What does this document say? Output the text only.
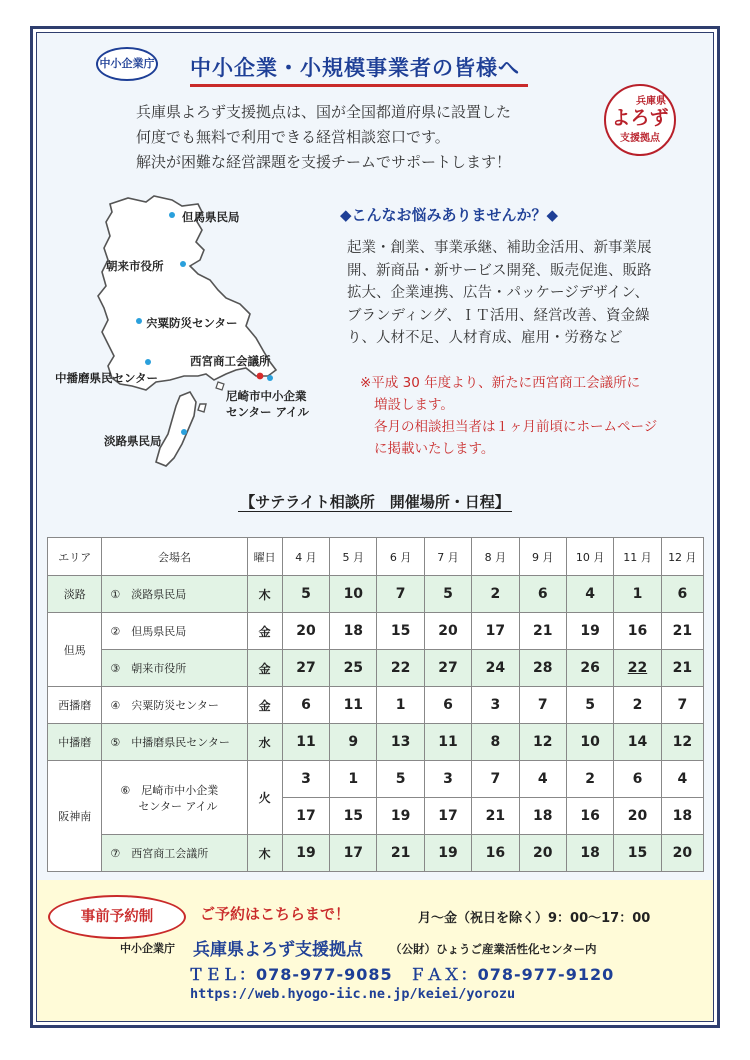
中小企業庁 中小企業・小規模事業者の皆様へ
兵庫県よろず支援拠点は、国が全国都道府県に設置した
何度でも無料で利用できる経営相談窓口です。
解決が困難な経営課題を支援チームでサポートします！
兵庫県
よろず
支援拠点
但馬県民局
朝来市役所
宍粟防災センター
西宮商工会議所
中播磨県民センター
尼崎市中小企業
センター アイル
淡路県民局
◆こんなお悩みありませんか？◆
起業・創業、事業承継、補助金活用、新事業展
開、新商品・新サービス開発、販売促進、販路
拡大、企業連携、広告・パッケージデザイン、
ブランディング、ＩＴ活用、経営改善、資金繰
り、人材不足、人材育成、雇用・労務など
※平成 30 年度より、新たに西宮商工会議所に
増設します。
各月の相談担当者は１ヶ月前頃にホームページ
に掲載いたします。
【サテライト相談所　開催場所・日程】
エリア	会場名	曜日	4 月	5 月	6 月	7 月	8 月	9 月	10 月	11 月	12 月
淡路	①　淡路県民局	木	5	10	7	5	2	6	4	1	6
但馬	②　但馬県民局	金	20	18	15	20	17	21	19	16	21
	③　朝来市役所	金	27	25	22	27	24	28	26	22	21
西播磨	④　宍粟防災センター	金	6	11	1	6	3	7	5	2	7
中播磨	⑤　中播磨県民センター	水	11	9	13	11	8	12	10	14	12
阪神南	⑥　尼崎市中小企業
センター アイル	火	3	1	5	3	7	4	2	6	4
			17	15	19	17	21	18	16	20	18
	⑦　西宮商工会議所	木	19	17	21	19	16	20	18	15	20
事前予約制	ご予約はこちらまで！	月～金（祝日を除く）9：00～17：00
中小企業庁 兵庫県よろず支援拠点 （公財）ひょうご産業活性化センター内
ＴＥＬ：078-977-9085　ＦＡＸ：078-977-9120
https://web.hyogo-iic.ne.jp/keiei/yorozu
